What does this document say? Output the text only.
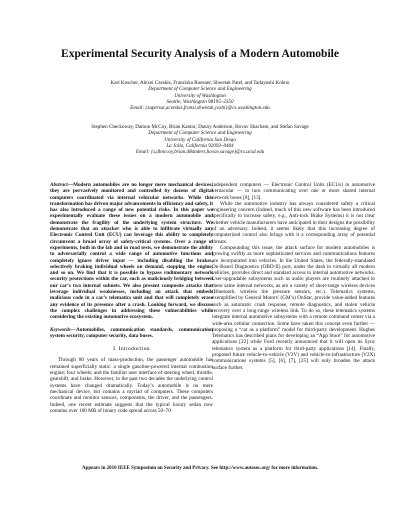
Experimental Security Analysis of a Modern Automobile
Karl Koscher, Alexei Czeskis, Franziska Roesner, Shwetak Patel, and Tadayoshi Kohno
Department of Computer Science and Engineering
University of Washington
Seattle, Washington 98195–2350
Email: {supersat,aczeskis,franzi,shwetak,yoshi}@cs.washington.edu
Stephen Checkoway, Damon McCoy, Brian Kantor, Danny Anderson, Hovav Shacham, and Stefan Savage
Department of Computer Science and Engineering
University of California San Diego
La Jolla, California 92093–0404
Email: {s,dlmccoy,brian,d8anders,hovav,savage}@cs.ucsd.edu
Abstract—Modern automobiles are no longer mere mechanical devices; they are pervasively monitored and controlled by dozens of digital computers coordinated via internal vehicular networks. While this transformation has driven major advancements in efficiency and safety, it has also introduced a range of new potential risks. In this paper we experimentally evaluate these issues on a modern automobile and demonstrate the fragility of the underlying system structure. We demonstrate that an attacker who is able to infiltrate virtually any Electronic Control Unit (ECU) can leverage this ability to completely circumvent a broad array of safety-critical systems. Over a range of experiments, both in the lab and in road tests, we demonstrate the ability to adversarially control a wide range of automotive functions and completely ignore driver input — including disabling the brakes, selectively braking individual wheels on demand, stopping the engine, and so on. We find that it is possible to bypass rudimentary network security protections within the car, such as maliciously bridging between our car’s two internal subnets. We also present composite attacks that leverage individual weaknesses, including an attack that embeds malicious code in a car’s telematics unit and that will completely erase any evidence of its presence after a crash. Looking forward, we discuss the complex challenges in addressing these vulnerabilities while considering the existing automotive ecosystem.
Keywords—Automobiles, communication standards, communication system security, computer security, data buses.
I. Introduction

Through 80 years of mass-production, the passenger automobile has remained superficially static: a single gasoline-powered internal combustion engine; four wheels; and the familiar user interface of steering wheel, throttle, gearshift, and brake. However, in the past two decades the underlying control systems have changed dramatically. Today’s automobile is no mere mechanical device, but contains a myriad of computers. These computers coordinate and monitor sensors, components, the driver, and the passengers. Indeed, one recent estimate suggests that the typical luxury sedan now contains over 100 MB of binary code spread across 50–70

independent computers — Electronic Control Units (ECUs) in automotive vernacular — in turn communicating over one or more shared internal network buses [8], [13].

While the automotive industry has always considered safety a critical engineering concern (indeed, much of this new software has been introduced specifically to increase safety, e.g., Anti-lock Brake Systems) it is not clear whether vehicle manufacturers have anticipated in their designs the possibility of an adversary. Indeed, it seems likely that this increasing degree of computerized control also brings with it a corresponding array of potential threats.

Compounding this issue, the attack surface for modern automobiles is growing swiftly as more sophisticated services and communications features are incorporated into vehicles. In the United States, the federally-mandated On-Board Diagnostics (OBD-II) port, under the dash in virtually all modern vehicles, provides direct and standard access to internal automotive networks. User-upgradable subsystems such as audio players are routinely attached to these same internal networks, as are a variety of short-range wireless devices (Bluetooth, wireless tire pressure sensors, etc.). Telematics systems, exemplified by General Motors’ (GM’s) OnStar, provide value-added features such as automatic crash response, remote diagnostics, and stolen vehicle recovery over a long-range wireless link. To do so, these telematics systems integrate internal automotive subsystems with a remote command center via a wide-area cellular connection. Some have taken this concept even further — proposing a “car as a platform” model for third-party development. Hughes Telematics has described plans for developing an “App Store” for automotive applications [22] while Ford recently announced that it will open its Sync telematics system as a platform for third-party applications [14]. Finally, proposed future vehicle-to-vehicle (V2V) and vehicle-to-infrastructure (V2X) communications systems [5], [6], [7], [25] will only broaden the attack surface further.

Appears in 2010 IEEE Symposium on Security and Privacy. See http://www.autosec.org/ for more information.
